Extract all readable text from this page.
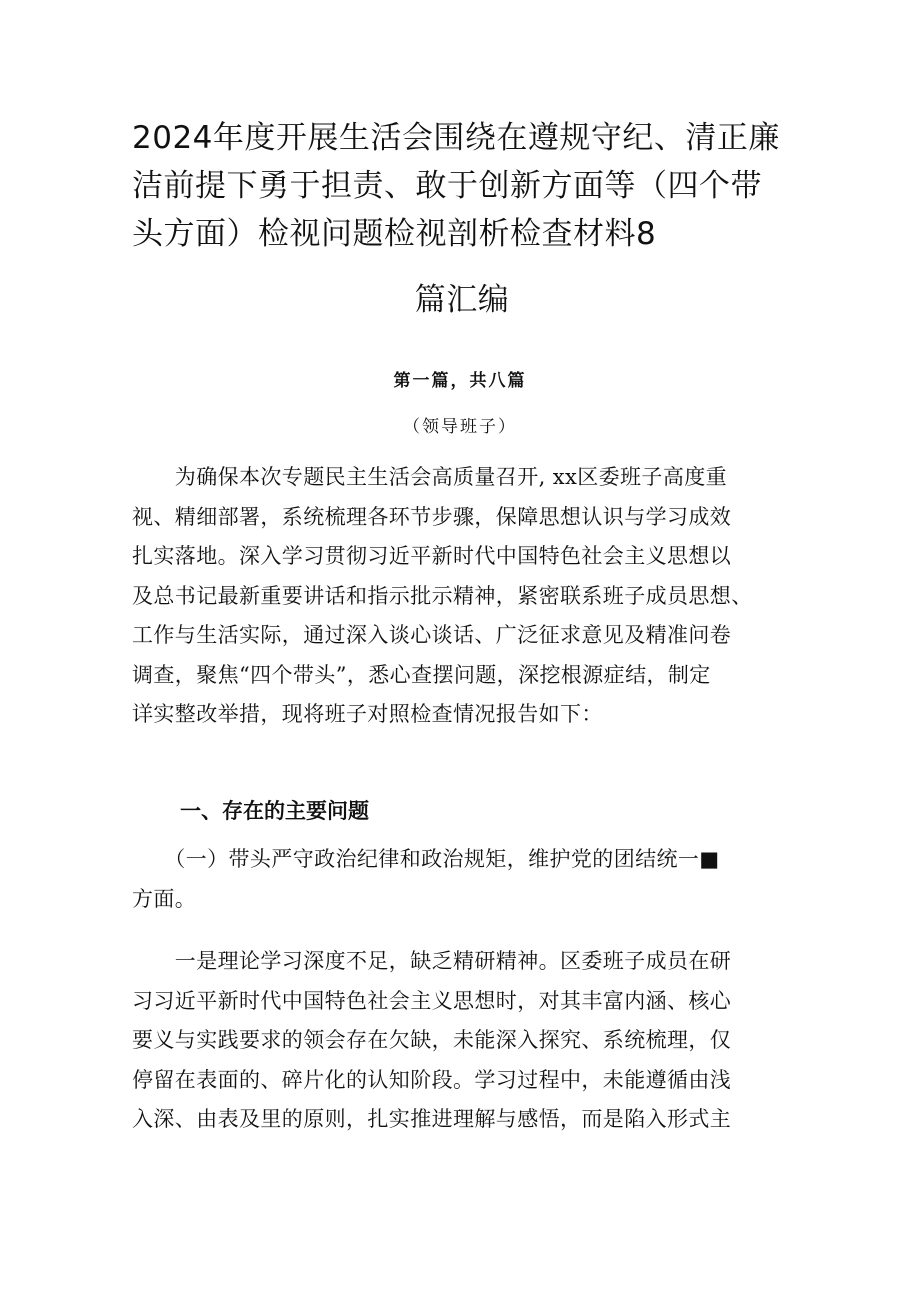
2024年度开展生活会围绕在遵规守纪、清正廉
洁前提下勇于担责、敢于创新方面等（四个带
头方面）检视问题检视剖析检查材料8
篇汇编
第一篇，共八篇
（领导班子）
　　为确保本次专题民主生活会高质量召开, xx区委班子高度重
视、精细部署，系统梳理各环节步骤，保障思想认识与学习成效
扎实落地。深入学习贯彻习近平新时代中国特色社会主义思想以
及总书记最新重要讲话和指示批示精神，紧密联系班子成员思想、
工作与生活实际，通过深入谈心谈话、广泛征求意见及精准问卷
调查，聚焦“四个带头”，悉心查摆问题，深挖根源症结，制定
详实整改举措，现将班子对照检查情况报告如下：
一、存在的主要问题
　　（一）带头严守政治纪律和政治规矩，维护党的团结统一■
方面。
　　一是理论学习深度不足，缺乏精研精神。区委班子成员在研
习习近平新时代中国特色社会主义思想时，对其丰富内涵、核心
要义与实践要求的领会存在欠缺，未能深入探究、系统梳理，仅
停留在表面的、碎片化的认知阶段。学习过程中，未能遵循由浅
入深、由表及里的原则，扎实推进理解与感悟，而是陷入形式主
